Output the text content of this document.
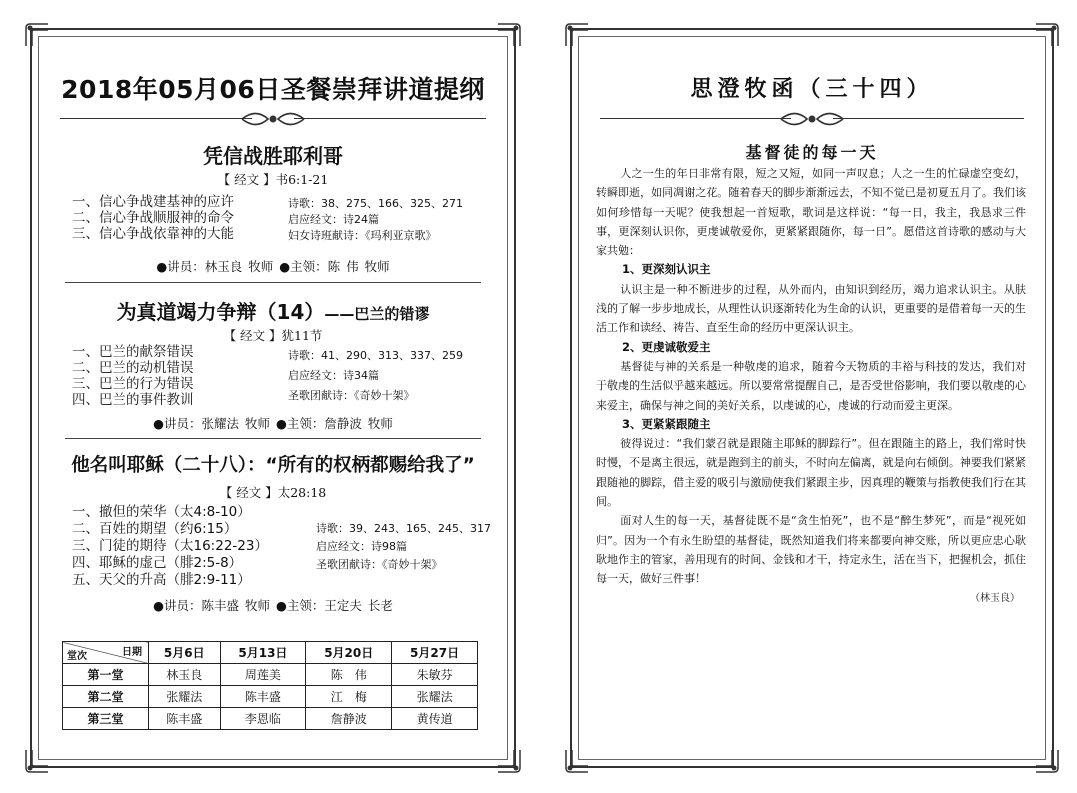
2018年05月06日圣餐崇拜讲道提纲
凭信战胜耶利哥
【 经文 】书6:1-21
一、信心争战建基神的应许
二、信心争战顺服神的命令
三、信心争战依靠神的大能
诗歌：38、275、166、325、271
启应经文：诗24篇
妇女诗班献诗：《玛利亚京歌》
●讲员：林玉良 牧师 ●主领：陈 伟 牧师
为真道竭力争辩（14）——巴兰的错谬
【 经文 】犹11节
一、巴兰的献祭错误
二、巴兰的动机错误
三、巴兰的行为错误
四、巴兰的事件教训
诗歌：41、290、313、337、259
启应经文：诗34篇
圣歌团献诗：《奇妙十架》
●讲员：张耀法 牧师 ●主领：詹静波 牧师
他名叫耶稣（二十八）：“所有的权柄都赐给我了”
【 经文 】太28:18
一、撤但的荣华（太4:8-10）
二、百姓的期望（约6:15）
三、门徒的期待（太16:22-23）
四、耶稣的虚己（腓2:5-8）
五、天父的升高（腓2:9-11）
诗歌：39、243、165、245、317
启应经文：诗98篇
圣歌团献诗：《奇妙十架》
●讲员：陈丰盛 牧师 ●主领：王定夫 长老
日期
堂次	5月6日	5月13日	5月20日	5月27日
第一堂	林玉良	周莲美	陈　伟	朱敏芬
第二堂	张耀法	陈丰盛	江　梅	张耀法
第三堂	陈丰盛	李恩临	詹静波	黄传道
思澄牧函（三十四）
基督徒的每一天

人之一生的年日非常有限，短之又短，如同一声叹息；人之一生的忙碌虚空变幻，转瞬即逝，如同凋谢之花。随着春天的脚步渐渐远去，不知不觉已是初夏五月了。我们该如何珍惜每一天呢？使我想起一首短歌，歌词是这样说：“每一日，我主，我恳求三件事，更深刻认识你，更虔诚敬爱你，更紧紧跟随你，每一日”。愿借这首诗歌的感动与大家共勉：

1、更深刻认识主

认识主是一种不断进步的过程，从外而内，由知识到经历，竭力追求认识主。从肤浅的了解一步步地成长，从理性认识逐渐转化为生命的认识，更重要的是借着每一天的生活工作和读经、祷告、直至生命的经历中更深认识主。

2、更虔诚敬爱主

基督徒与神的关系是一种敬虔的追求，随着今天物质的丰裕与科技的发达，我们对于敬虔的生活似乎越来越远。所以要常常提醒自己，是否受世俗影响，我们要以敬虔的心来爱主，确保与神之间的美好关系，以虔诚的心，虔诚的行动而爱主更深。

3、更紧紧跟随主

彼得说过：“我们蒙召就是跟随主耶稣的脚踪行”。但在跟随主的路上，我们常时快时慢，不是离主很远，就是跑到主的前头，不时向左偏离，就是向右倾倒。神要我们紧紧跟随祂的脚踪，借主爱的吸引与激励使我们紧跟主步，因真理的鞭策与指教使我们行在其间。

面对人生的每一天，基督徒既不是“贪生怕死”，也不是“醉生梦死”，而是“视死如归”。因为一个有永生盼望的基督徒，既然知道我们将来都要向神交账，所以更应忠心耿耿地作主的管家，善用现有的时间、金钱和才干，持定永生，活在当下，把握机会，抓住每一天，做好三件事！

（林玉良）
